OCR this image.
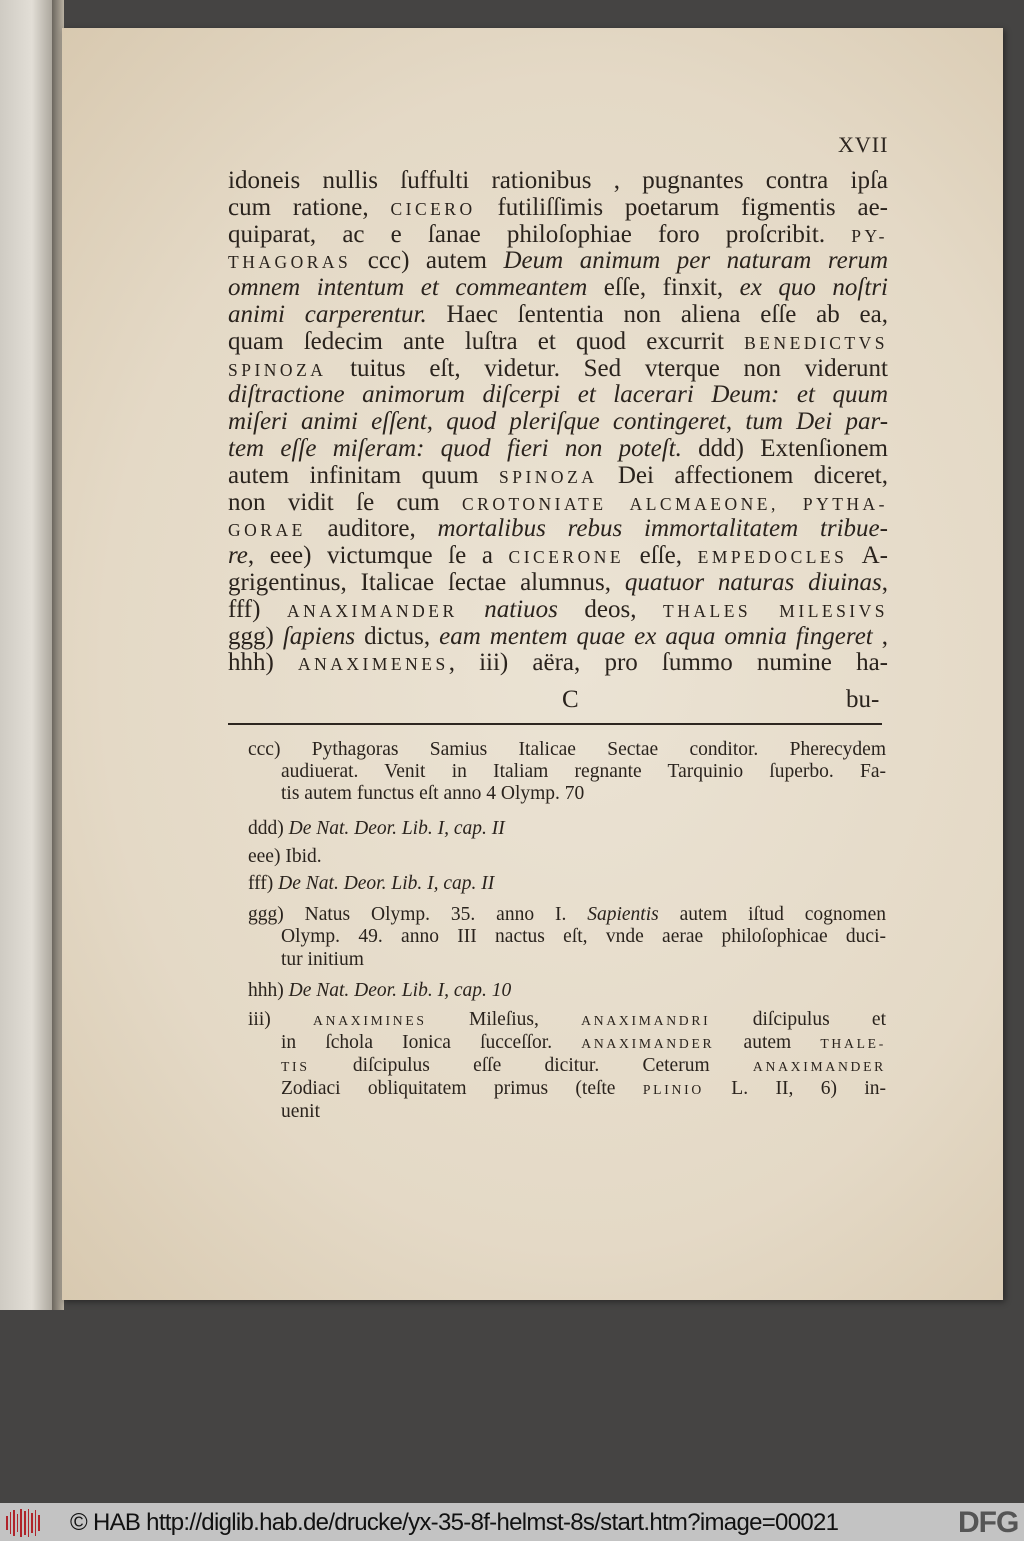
XVII
idoneis nullis ſuffulti rationibus , pugnantes contra ipſa
cum ratione, CICERO futiliſſimis poetarum figmentis ae-
quiparat, ac e ſanae philoſophiae foro proſcribit. PY-
THAGORAS ccc) autem Deum animum per naturam rerum
omnem intentum et commeantem eſſe, finxit, ex quo noſtri
animi carperentur. Haec ſententia non aliena eſſe ab ea,
quam ſedecim ante luſtra et quod excurrit BENEDICTVS
SPINOZA tuitus eſt, videtur. Sed vterque non viderunt
diſtractione animorum diſcerpi et lacerari Deum: et quum
miſeri animi eſſent, quod pleriſque contingeret, tum Dei par-
tem eſſe miſeram: quod fieri non poteſt. ddd) Extenſionem
autem infinitam quum SPINOZA Dei affectionem diceret,
non vidit ſe cum CROTONIATE ALCMAEONE, PYTHA-
GORAE auditore, mortalibus rebus immortalitatem tribue-
re, eee) victumque ſe a CICERONE eſſe, EMPEDOCLES A-
grigentinus, Italicae ſectae alumnus, quatuor naturas diuinas,
fff) ANAXIMANDER natiuos deos, THALES MILESIVS
ggg) ſapiens dictus, eam mentem quae ex aqua omnia fingeret ,
hhh) ANAXIMENES, iii) aëra, pro ſummo numine ha-
C	bu-
ccc) Pythagoras Samius Italicae Sectae conditor. Pherecydem
audiuerat. Venit in Italiam regnante Tarquinio ſuperbo. Fa-
tis autem functus eſt anno 4 Olymp. 70
ddd) De Nat. Deor. Lib. I, cap. II
eee) Ibid.
fff) De Nat. Deor. Lib. I, cap. II
ggg) Natus Olymp. 35. anno I. Sapientis autem iſtud cognomen
Olymp. 49. anno III nactus eſt, vnde aerae philoſophicae duci-
tur initium
hhh) De Nat. Deor. Lib. I, cap. 10
iii) ANAXIMINES Mileſius, ANAXIMANDRI diſcipulus et
in ſchola Ionica ſucceſſor. ANAXIMANDER autem THALE-
TIS diſcipulus eſſe dicitur. Ceterum ANAXIMANDER
Zodiaci obliquitatem primus (teſte PLINIO L. II, 6) in-
uenit
© HAB http://diglib.hab.de/drucke/yx-35-8f-helmst-8s/start.htm?image=00021	DFG
